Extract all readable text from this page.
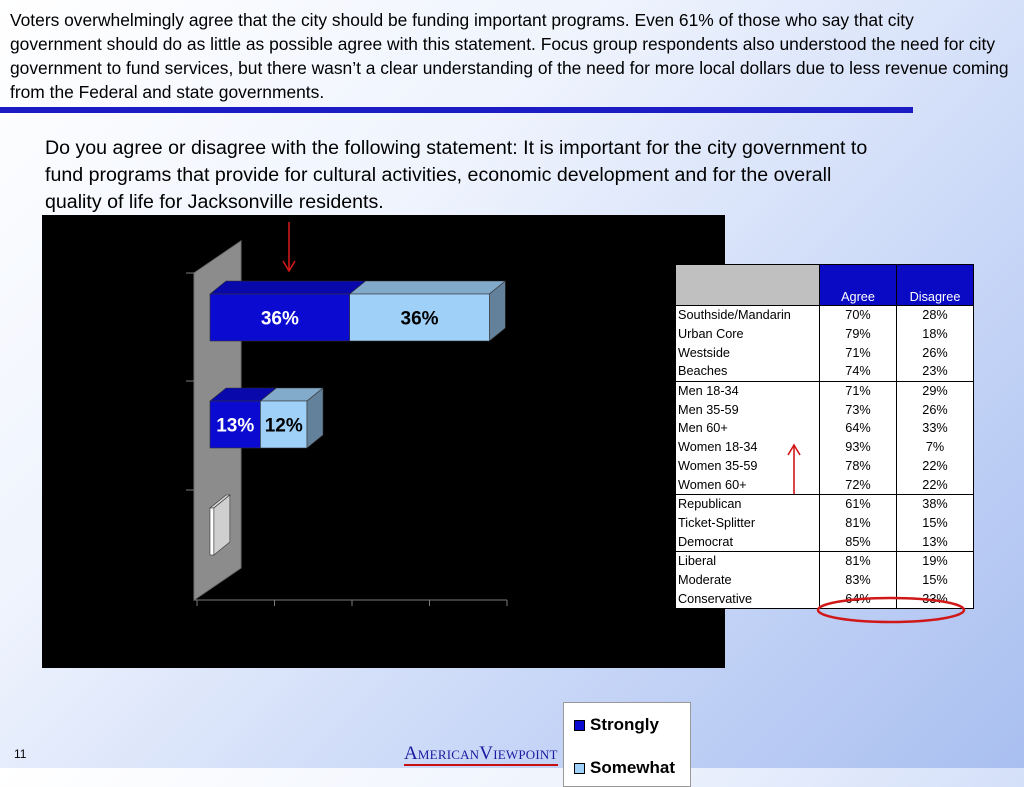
Voters overwhelmingly agree that the city should be funding important programs. Even 61% of those who say that city government should do as little as possible agree with this statement. Focus group respondents also understood the need for city government to fund services, but there wasn’t a clear understanding of the need for more local dollars due to less revenue coming from the Federal and state governments.
Do you agree or disagree with the following statement: It is important for the city government to fund programs that provide for cultural activities, economic development and for the overall quality of life for Jacksonville residents.
36%	36%
13% 12%
Strongly
Somewhat
	Agree	Disagree
Southside/Mandarin	70%	28%
Urban Core	79%	18%
Westside	71%	26%
Beaches	74%	23%
Men 18-34	71%	29%
Men 35-59	73%	26%
Men 60+	64%	33%
Women 18-34	93%	7%
Women 35-59	78%	22%
Women 60+	72%	22%
Republican	61%	38%
Ticket-Splitter	81%	15%
Democrat	85%	13%
Liberal	81%	19%
Moderate	83%	15%
Conservative	64%	33%
11	AmericanViewpoint
